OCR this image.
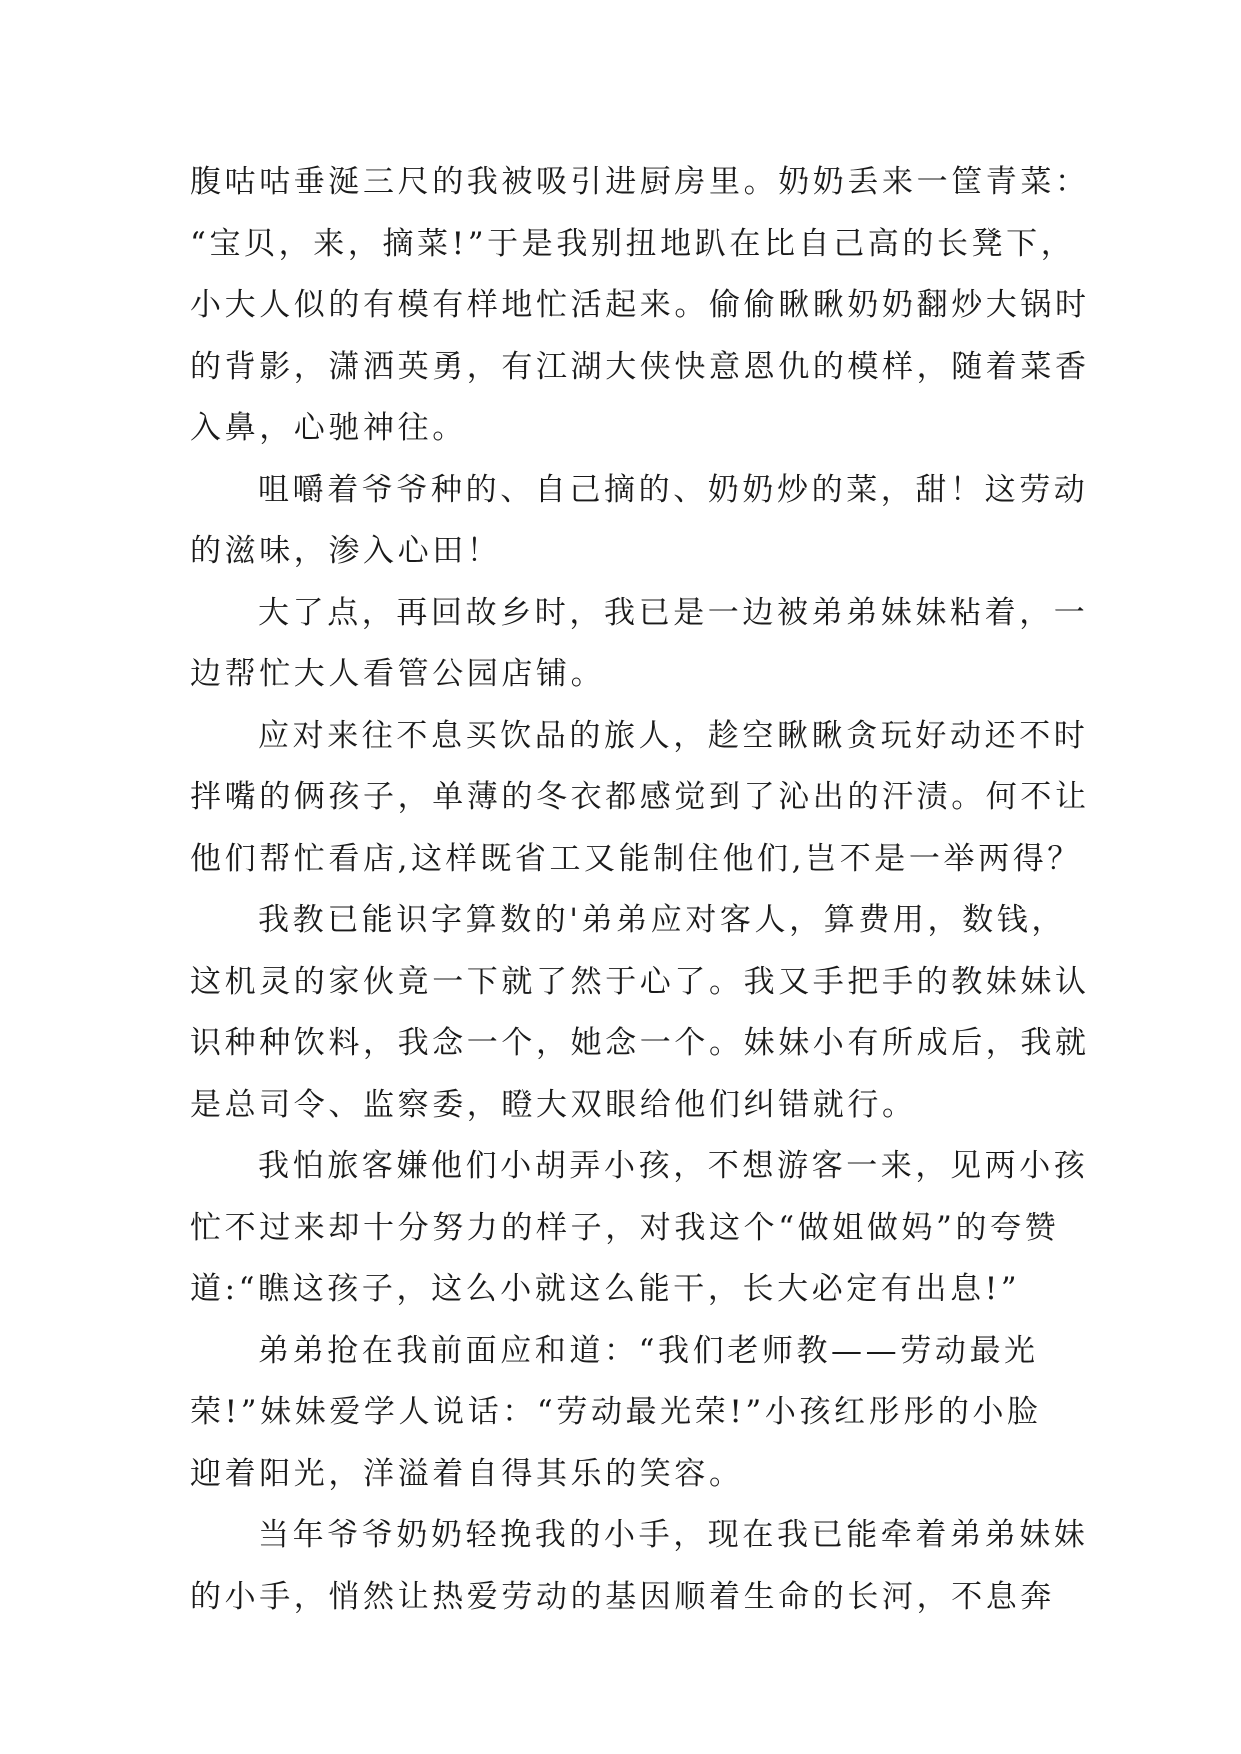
腹咕咕垂涎三尺的我被吸引进厨房里。奶奶丢来一筐青菜：
“宝贝，来，摘菜!”于是我别扭地趴在比自己高的长凳下，
小大人似的有模有样地忙活起来。偷偷瞅瞅奶奶翻炒大锅时
的背影，潇洒英勇，有江湖大侠快意恩仇的模样，随着菜香
入鼻，心驰神往。
咀嚼着爷爷种的、自己摘的、奶奶炒的菜，甜！这劳动
的滋味，渗入心田！
大了点，再回故乡时，我已是一边被弟弟妹妹粘着，一
边帮忙大人看管公园店铺。
应对来往不息买饮品的旅人，趁空瞅瞅贪玩好动还不时
拌嘴的俩孩子，单薄的冬衣都感觉到了沁出的汗渍。何不让
他们帮忙看店,这样既省工又能制住他们,岂不是一举两得？
我教已能识字算数的'弟弟应对客人，算费用，数钱，
这机灵的家伙竟一下就了然于心了。我又手把手的教妹妹认
识种种饮料，我念一个，她念一个。妹妹小有所成后，我就
是总司令、监察委，瞪大双眼给他们纠错就行。
我怕旅客嫌他们小胡弄小孩，不想游客一来，见两小孩
忙不过来却十分努力的样子，对我这个“做姐做妈”的夸赞
道:“瞧这孩子，这么小就这么能干，长大必定有出息!”
弟弟抢在我前面应和道：“我们老师教——劳动最光
荣!”妹妹爱学人说话：“劳动最光荣!”小孩红彤彤的小脸
迎着阳光，洋溢着自得其乐的笑容。
当年爷爷奶奶轻挽我的小手，现在我已能牵着弟弟妹妹
的小手，悄然让热爱劳动的基因顺着生命的长河，不息奔
